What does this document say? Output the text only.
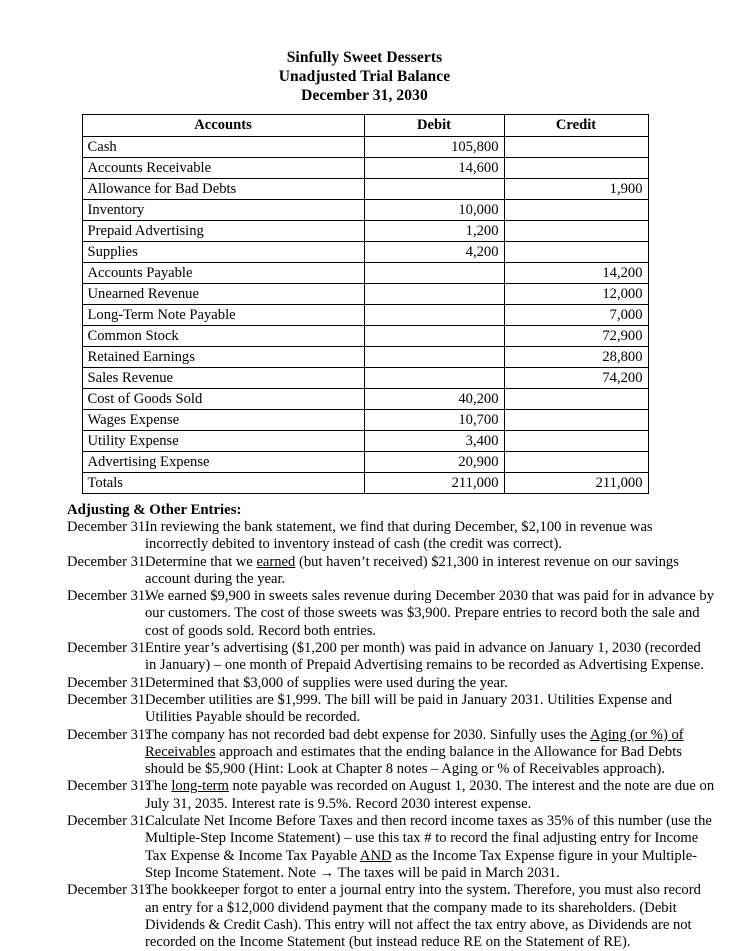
Sinfully Sweet Desserts
Unadjusted Trial Balance
December 31, 2030
Accounts	Debit	Credit
Cash	105,800	
Accounts Receivable	14,600	
Allowance for Bad Debts		1,900
Inventory	10,000	
Prepaid Advertising	1,200	
Supplies	4,200	
Accounts Payable		14,200
Unearned Revenue		12,000
Long-Term Note Payable		7,000
Common Stock		72,900
Retained Earnings		28,800
Sales Revenue		74,200
Cost of Goods Sold	40,200	
Wages Expense	10,700	
Utility Expense	3,400	
Advertising Expense	20,900	
Totals	211,000	211,000
Adjusting & Other Entries:
December 31:
In reviewing the bank statement, we find that during December, $2,100 in revenue was incorrectly debited to inventory instead of cash (the credit was correct).
December 31:
Determine that we earned (but haven’t received) $21,300 in interest revenue on our savings account during the year.
December 31:
We earned $9,900 in sweets sales revenue during December 2030 that was paid for in advance by our customers. The cost of those sweets was $3,900. Prepare entries to record both the sale and cost of goods sold. Record both entries.
December 31:
Entire year’s advertising ($1,200 per month) was paid in advance on January 1, 2030 (recorded in January) – one month of Prepaid Advertising remains to be recorded as Advertising Expense.
December 31:
Determined that $3,000 of supplies were used during the year.
December 31:
December utilities are $1,999. The bill will be paid in January 2031. Utilities Expense and Utilities Payable should be recorded.
December 31:
The company has not recorded bad debt expense for 2030. Sinfully uses the Aging (or %) of Receivables approach and estimates that the ending balance in the Allowance for Bad Debts should be $5,900 (Hint: Look at Chapter 8 notes – Aging or % of Receivables approach).
December 31:
The long-term note payable was recorded on August 1, 2030. The interest and the note are due on July 31, 2035. Interest rate is 9.5%. Record 2030 interest expense.
December 31:
Calculate Net Income Before Taxes and then record income taxes as 35% of this number (use the Multiple-Step Income Statement) – use this tax # to record the final adjusting entry for Income Tax Expense & Income Tax Payable AND as the Income Tax Expense figure in your Multiple-Step Income Statement. Note → The taxes will be paid in March 2031.
December 31:
The bookkeeper forgot to enter a journal entry into the system. Therefore, you must also record an entry for a $12,000 dividend payment that the company made to its shareholders. (Debit Dividends & Credit Cash). This entry will not affect the tax entry above, as Dividends are not recorded on the Income Statement (but instead reduce RE on the Statement of RE).
